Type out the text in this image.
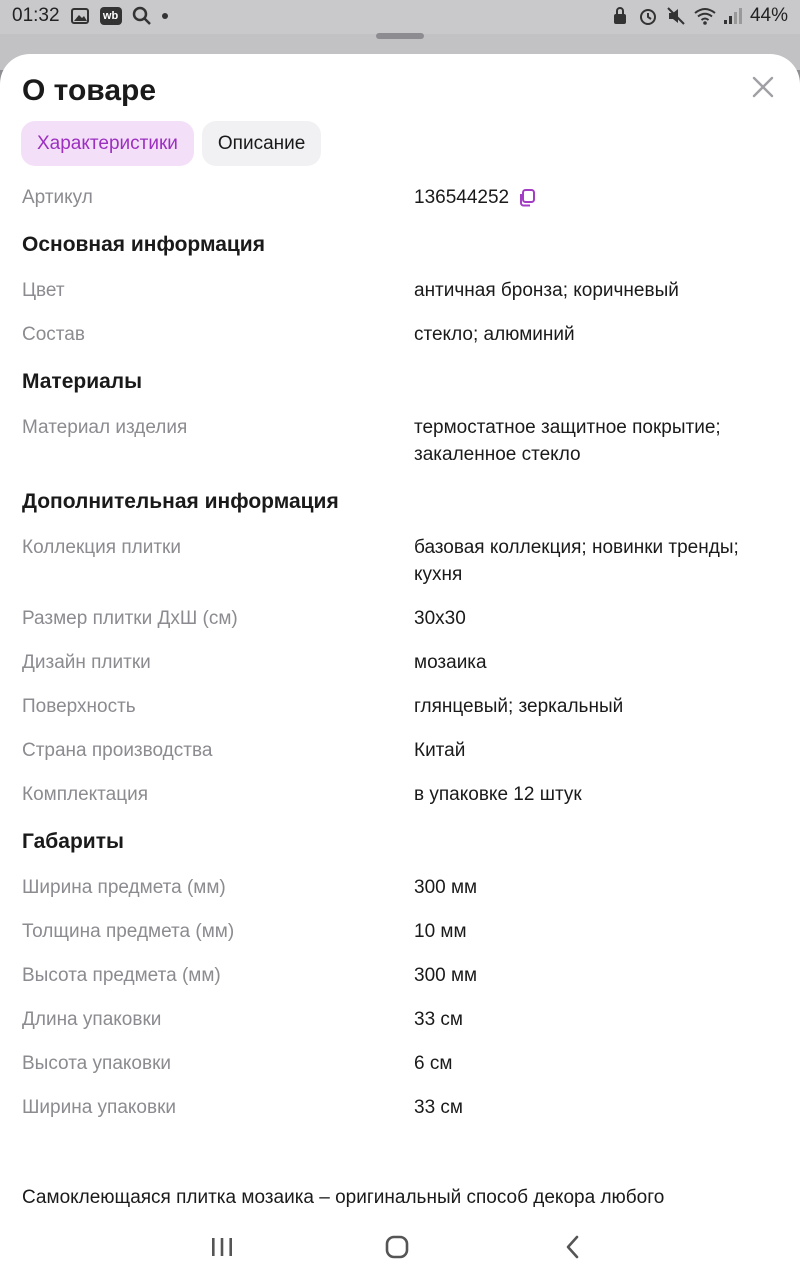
01:32	wb	44%
О товаре
Характеристики	Описание
Артикул	136544252
Основная информация
Цвет	античная бронза; коричневый
Состав	стекло; алюминий
Материалы
Материал изделия	термостатное защитное покрытие; закаленное стекло
Дополнительная информация
Коллекция плитки	базовая коллекция; новинки тренды; кухня
Размер плитки ДхШ (см)	30x30
Дизайн плитки	мозаика
Поверхность	глянцевый; зеркальный
Страна производства	Китай
Комплектация	в упаковке 12 штук
Габариты
Ширина предмета (мм)	300 мм
Толщина предмета (мм)	10 мм
Высота предмета (мм)	300 мм
Длина упаковки	33 см
Высота упаковки	6 см
Ширина упаковки	33 см
Самоклеющаяся плитка мозаика – оригинальный способ декора любого
